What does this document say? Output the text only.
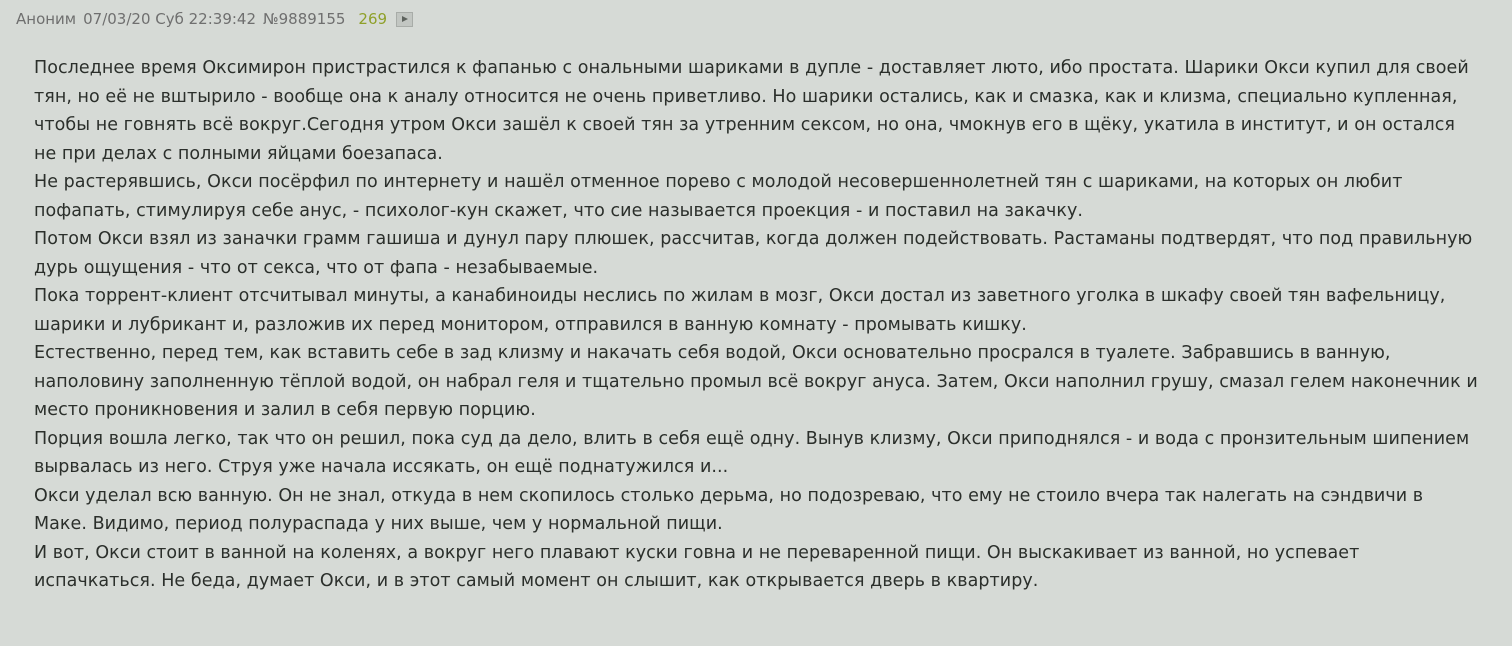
Аноним 07/03/20 Суб 22:39:42 №9889155 269

Последнее время Оксимирон пристрастился к фапанью с ональными шариками в дупле - доставляет люто, ибо простата. Шарики Окси купил для своей тян, но её не вштырило - вообще она к аналу относится не очень приветливо. Но шарики остались, как и смазка, как и клизма, специально купленная, чтобы не говнять всё вокруг.Сегодня утром Окси зашёл к своей тян за утренним сексом, но она, чмокнув его в щёку, укатила в институт, и он остался не при делах с полными яйцами боезапаса.

Не растерявшись, Окси посёрфил по интернету и нашёл отменное порево с молодой несовершеннолетней тян с шариками, на которых он любит пофапать, стимулируя себе анус, - психолог-кун скажет, что сие называется проекция - и поставил на закачку.

Потом Окси взял из заначки грамм гашиша и дунул пару плюшек, рассчитав, когда должен подействовать. Растаманы подтвердят, что под правильную дурь ощущения - что от секса, что от фапа - незабываемые.

Пока торрент-клиент отсчитывал минуты, а канабиноиды неслись по жилам в мозг, Окси достал из заветного уголка в шкафу своей тян вафельницу, шарики и лубрикант и, разложив их перед монитором, отправился в ванную комнату - промывать кишку.

Естественно, перед тем, как вставить себе в зад клизму и накачать себя водой, Окси основательно просрался в туалете. Забравшись в ванную, наполовину заполненную тёплой водой, он набрал геля и тщательно промыл всё вокруг ануса. Затем, Окси наполнил грушу, смазал гелем наконечник и место проникновения и залил в себя первую порцию.

Порция вошла легко, так что он решил, пока суд да дело, влить в себя ещё одну. Вынув клизму, Окси приподнялся - и вода с пронзительным шипением вырвалась из него. Струя уже начала иссякать, он ещё поднатужился и...

Окси уделал всю ванную. Он не знал, откуда в нем скопилось столько дерьма, но подозреваю, что ему не стоило вчера так налегать на сэндвичи в Маке. Видимо, период полураспада у них выше, чем у нормальной пищи.

И вот, Окси стоит в ванной на коленях, а вокруг него плавают куски говна и не переваренной пищи. Он выскакивает из ванной, но успевает испачкаться. Не беда, думает Окси, и в этот самый момент он слышит, как открывается дверь в квартиру.
